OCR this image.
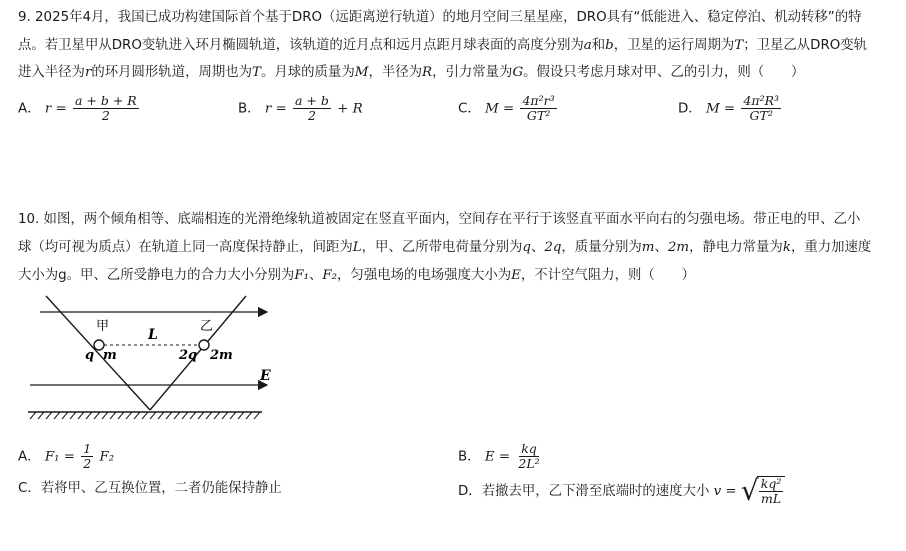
9. 2025年4月，我国已成功构建国际首个基于DRO（远距离逆行轨道）的地月空间三星星座，DRO具有“低能进入、稳定停泊、机动转移”的特
点。若卫星甲从DRO变轨进入环月椭圆轨道，该轨道的近月点和远月点距月球表面的高度分别为a和b，卫星的运行周期为T；卫星乙从DRO变轨
进入半径为r的环月圆形轨道，周期也为T。月球的质量为M，半径为R，引力常量为G。假设只考虑月球对甲、乙的引力，则（　　）
A． $r = \frac{a + b + R}{2}$	B． $r = \frac{a + b}{2} + R$	C． $M = \frac{\text{4π²r³}}{\text{GT²}}$	D． $M = \frac{\text{4π²R³}}{\text{GT²}}$
10. 如图，两个倾角相等、底端相连的光滑绝缘轨道被固定在竖直平面内，空间存在平行于该竖直平面水平向右的匀强电场。带正电的甲、乙小
球（均可视为质点）在轨道上同一高度保持静止，间距为L，甲、乙所带电荷量分别为q、2q，质量分别为m、2m，静电力常量为k，重力加速度
大小为g。甲、乙所受静电力的合力大小分别为F₁、F₂，匀强电场的电场强度大小为E，不计空气阻力，则（　　）
甲	乙
L
q m	2q 2m
E
A． $F_1 = \frac{1}{2} F_2$	B． $E = \frac{kq}{\text{2L²}}$
C．若将甲、乙互换位置，二者仍能保持静止	D．若撤去甲，乙下滑至底端时的速度大小 v = √ $\frac{\text{kq²}}{mL}$
